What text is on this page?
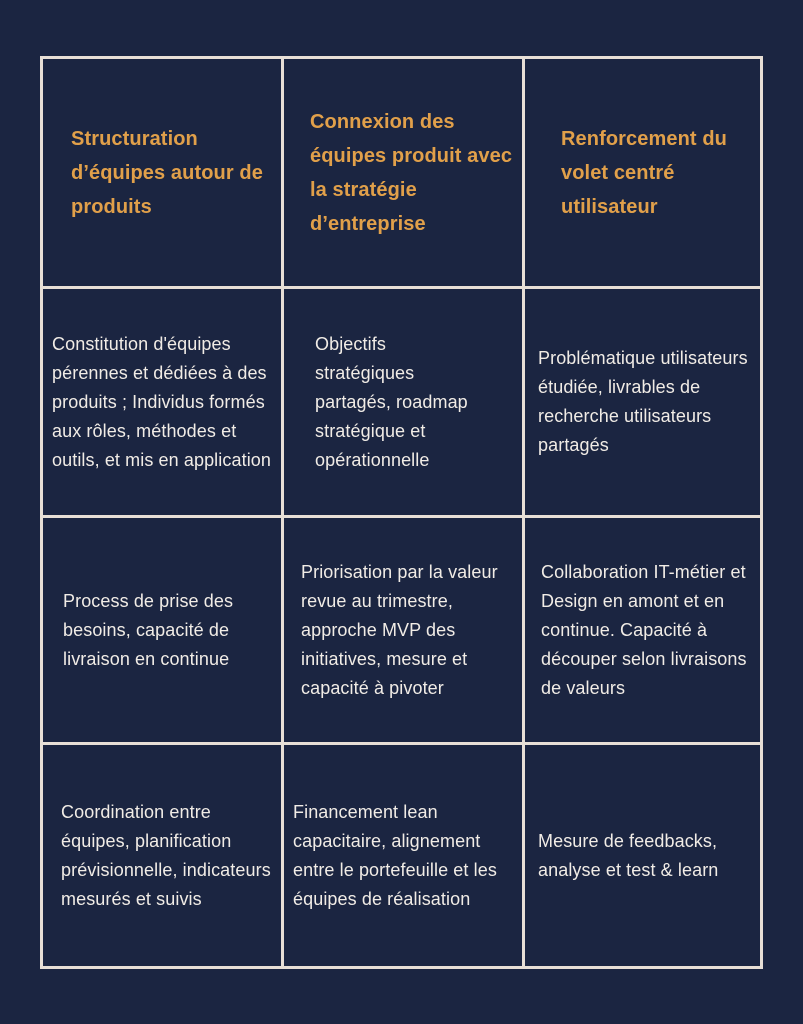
Structuration d’équipes autour de produits
Connexion des équipes produit avec la stratégie d’entreprise
Renforcement du volet centré utilisateur
Constitution d'équipes pérennes et dédiées à des produits ; Individus formés aux rôles, méthodes et outils, et mis en application
Objectifs stratégiques partagés, roadmap stratégique et opérationnelle
Problématique utilisateurs étudiée, livrables de recherche utilisateurs partagés
Process de prise des besoins, capacité de livraison en continue
Priorisation par la valeur revue au trimestre, approche MVP des initiatives, mesure et capacité à pivoter
Collaboration IT-métier et Design en amont et en continue. Capacité à découper selon livraisons de valeurs
Coordination entre équipes, planification prévisionnelle, indicateurs mesurés et suivis
Financement lean capacitaire, alignement entre le portefeuille et les équipes de réalisation
Mesure de feedbacks, analyse et test & learn
